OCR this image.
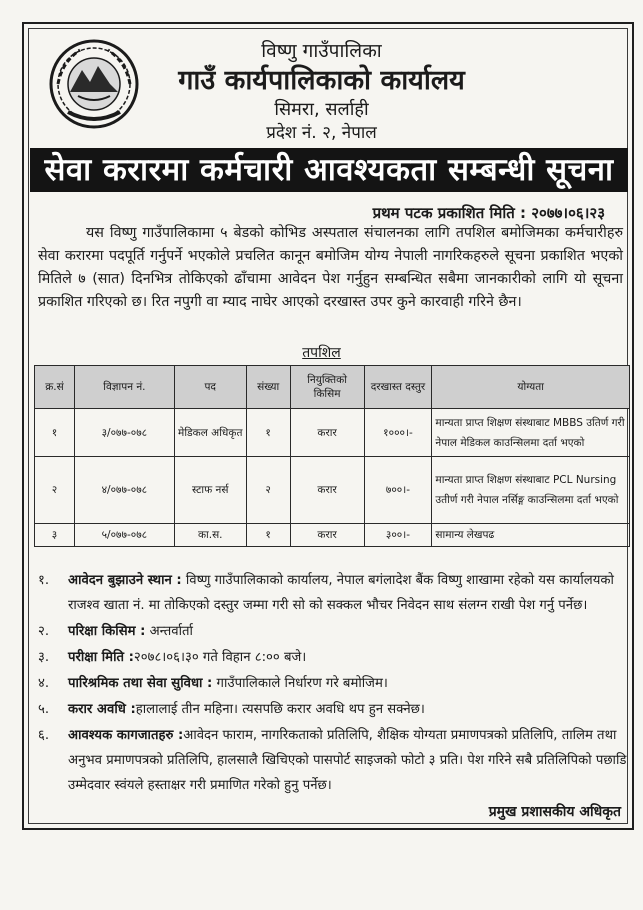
विष्णु गाउँपालिका
गाउँ कार्यपालिकाको कार्यालय
सिमरा, सर्लाही
प्रदेश नं. २, नेपाल
सेवा करारमा कर्मचारी आवश्यकता सम्बन्धी सूचना
प्रथम पटक प्रकाशित मिति : २०७७।०६।२३
यस विष्णु गाउँपालिकामा ५ बेडको कोभिड अस्पताल संचालनका लागि तपशिल बमोजिमका कर्मचारीहरु सेवा करारमा पदपूर्ति गर्नुपर्ने भएकोले प्रचलित कानून बमोजिम योग्य नेपाली नागरिकहरुले सूचना प्रकाशित भएको मितिले ७ (सात) दिनभित्र तोकिएको ढाँचामा आवेदन पेश गर्नुहुन सम्बन्धित सबैमा जानकारीको लागि यो सूचना प्रकाशित गरिएको छ। रित नपुगी वा म्याद नाघेर आएको दरखास्त उपर कुने कारवाही गरिने छैन।
तपशिल
क्र.सं	विज्ञापन नं.	पद	संख्या	नियुक्तिको किसिम	दरखास्त दस्तुर	योग्यता
१	३/०७७-०७८	मेडिकल अधिकृत	१	करार	१०००।-	मान्यता प्राप्त शिक्षण संस्थाबाट MBBS उतिर्ण गरी नेपाल मेडिकल काउन्सिलमा दर्ता भएको
२	४/०७७-०७८	स्टाफ नर्स	२	करार	७००।-	मान्यता प्राप्त शिक्षण संस्थाबाट PCL Nursing उतीर्ण गरी नेपाल नर्सिङ्ग काउन्सिलमा दर्ता भएको
३	५/०७७-०७८	का.स.	१	करार	३००।-	सामान्य लेखपढ
१. आवेदन बुझाउने स्थान : विष्णु गाउँपालिकाको कार्यालय, नेपाल बगंलादेश बैंक विष्णु शाखामा रहेको यस कार्यालयको राजश्व खाता नं. मा तोकिएको दस्तुर जम्मा गरी सो को सक्कल भौचर निवेदन साथ संलग्न राखी पेश गर्नु पर्नेछ।
२. परिक्षा किसिम : अन्तर्वार्ता
३. परीक्षा मिति :२०७८।०६।३० गते विहान ८:०० बजे।
४. पारिश्रमिक तथा सेवा सुविधा : गाउँपालिकाले निर्धारण गरे बमोजिम।
५. करार अवधि :हालालाई तीन महिना। त्यसपछि करार अवधि थप हुन सक्नेछ।
६. आवश्यक कागजातहरु :आवेदन फाराम, नागरिकताको प्रतिलिपि, शैक्षिक योग्यता प्रमाणपत्रको प्रतिलिपि, तालिम तथा अनुभव प्रमाणपत्रको प्रतिलिपि, हालसालै खिचिएको पासपोर्ट साइजको फोटो ३ प्रति। पेश गरिने सबै प्रतिलिपिको पछाडि उम्मेदवार स्वंयले हस्ताक्षर गरी प्रमाणित गरेको हुनु पर्नेछ।
प्रमुख प्रशासकीय अधिकृत
